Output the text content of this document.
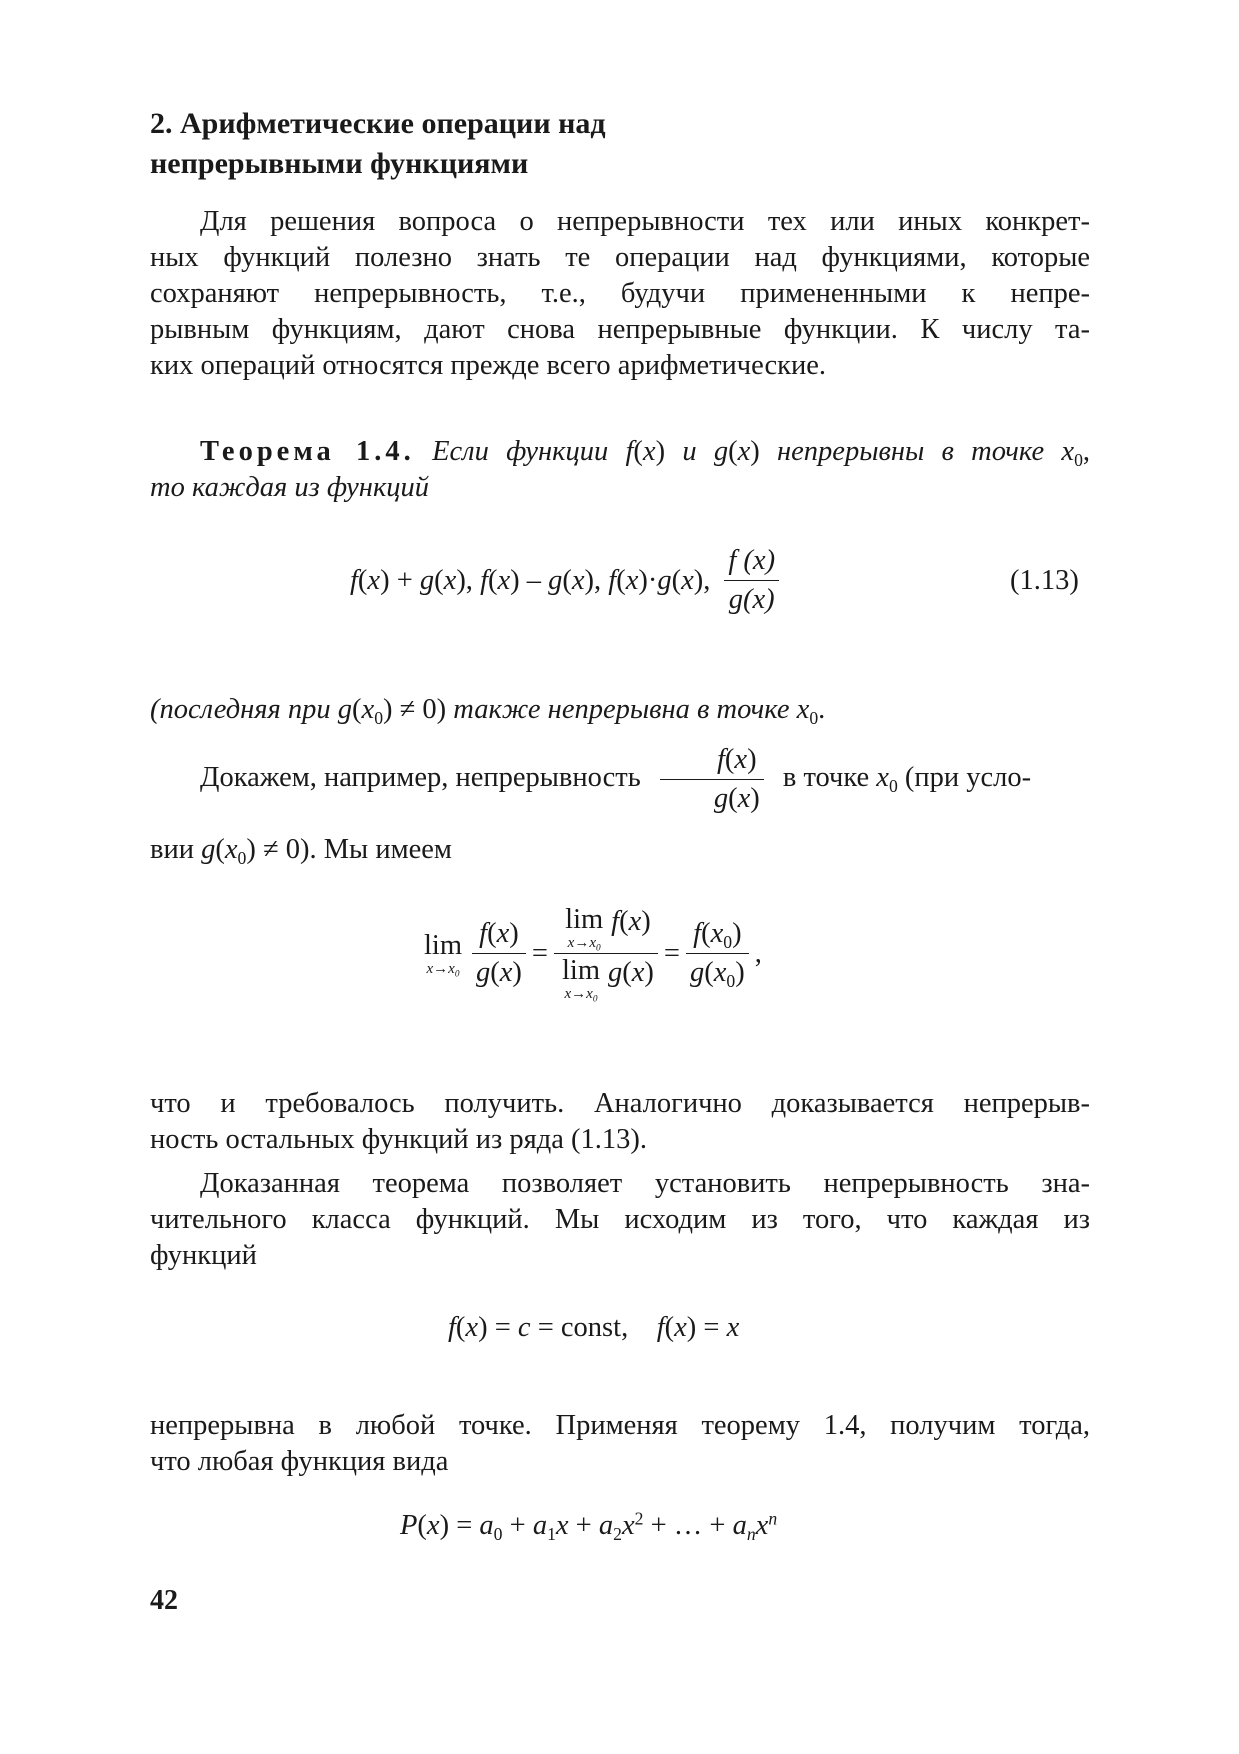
2. Арифметические операции над
непрерывными функциями
Для решения вопроса о непрерывности тех или иных конкрет-
ных функций полезно знать те операции над функциями, которые
сохраняют непрерывность, т.е., будучи примененными к непре-
рывным функциям, дают снова непрерывные функции. К числу та-
ких операций относятся прежде всего арифметические.
Теорема 1.4. Если функции f(x) и g(x) непрерывны в точке $x_0$,
то каждая из функций
f(x) + g(x), f(x) – g(x), f(x)·g(x), $\frac{f (x)}{g(x)}$	(1.13)
(последняя при $g(x_0) \ne 0$) также непрерывна в точке $x_0$.
Докажем, например, непрерывность $\frac{f(x)}{g(x)}$ в точке $x_0$ (при усло-
вии $g(x_0) \ne 0$). Мы имеем
lim
$x\to x_0 \frac{f(x)}{g(x)} = \lim$
$x\to x_0$
f(x)
lim
$x\to x_0$
$g(x) = \frac{f(x_0)}{g(x_0)}$ ,
что и требовалось получить. Аналогично доказывается непрерыв-
ность остальных функций из ряда (1.13).
Доказанная теорема позволяет установить непрерывность зна-
чительного класса функций. Мы исходим из того, что каждая из
функций
f(x) = c = const,    f(x) = x
непрерывна в любой точке. Применяя теорему 1.4, получим тогда,
что любая функция вида
$P(x) = a_0 + a_1x + a_2x^2$ + … + $a_nx^n$
42
